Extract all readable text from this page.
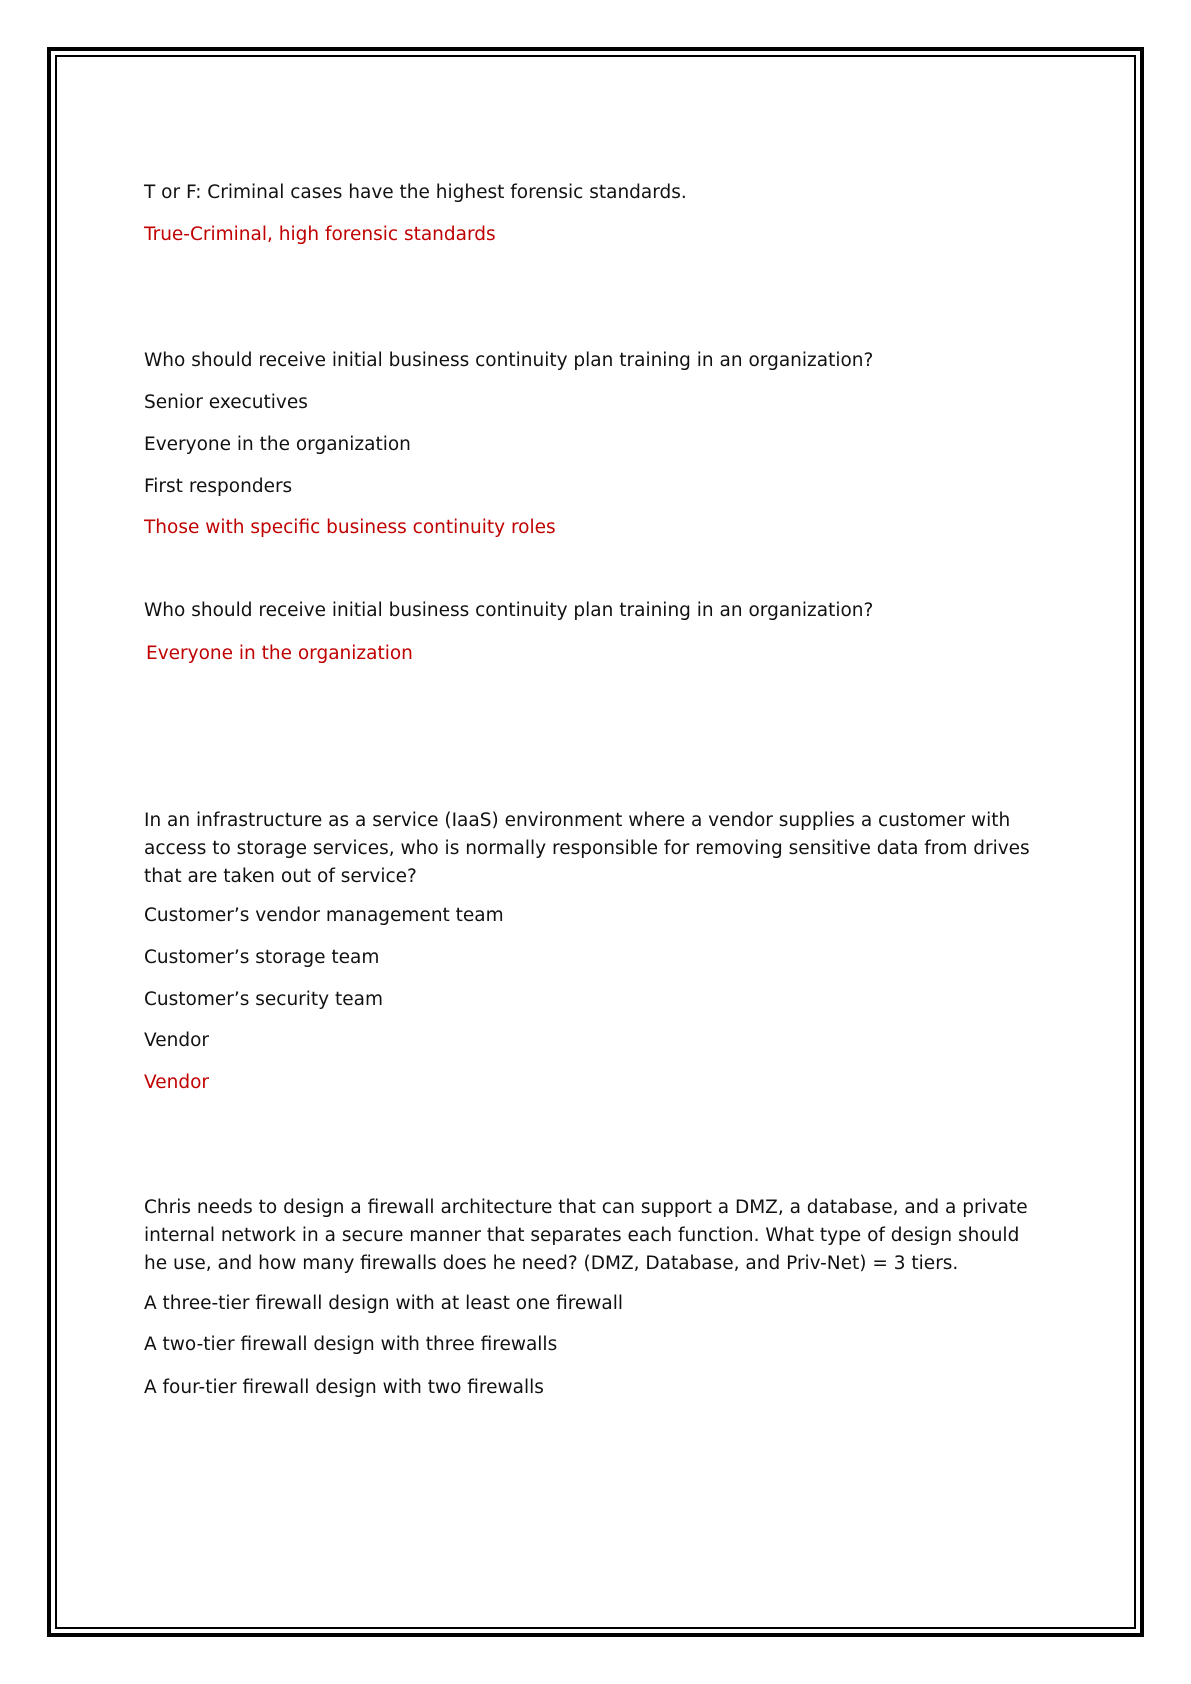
T or F: Criminal cases have the highest forensic standards.
True-Criminal, high forensic standards
Who should receive initial business continuity plan training in an organization?
Senior executives
Everyone in the organization
First responders
Those with specific business continuity roles
Who should receive initial business continuity plan training in an organization?
Everyone in the organization
In an infrastructure as a service (IaaS) environment where a vendor supplies a customer with access to storage services, who is normally responsible for removing sensitive data from drives that are taken out of service?
Customer’s vendor management team
Customer’s storage team
Customer’s security team
Vendor
Vendor
Chris needs to design a firewall architecture that can support a DMZ, a database, and a private internal network in a secure manner that separates each function. What type of design should he use, and how many firewalls does he need? (DMZ, Database, and Priv-Net) = 3 tiers.
A three-tier firewall design with at least one firewall
A two-tier firewall design with three firewalls
A four-tier firewall design with two firewalls
